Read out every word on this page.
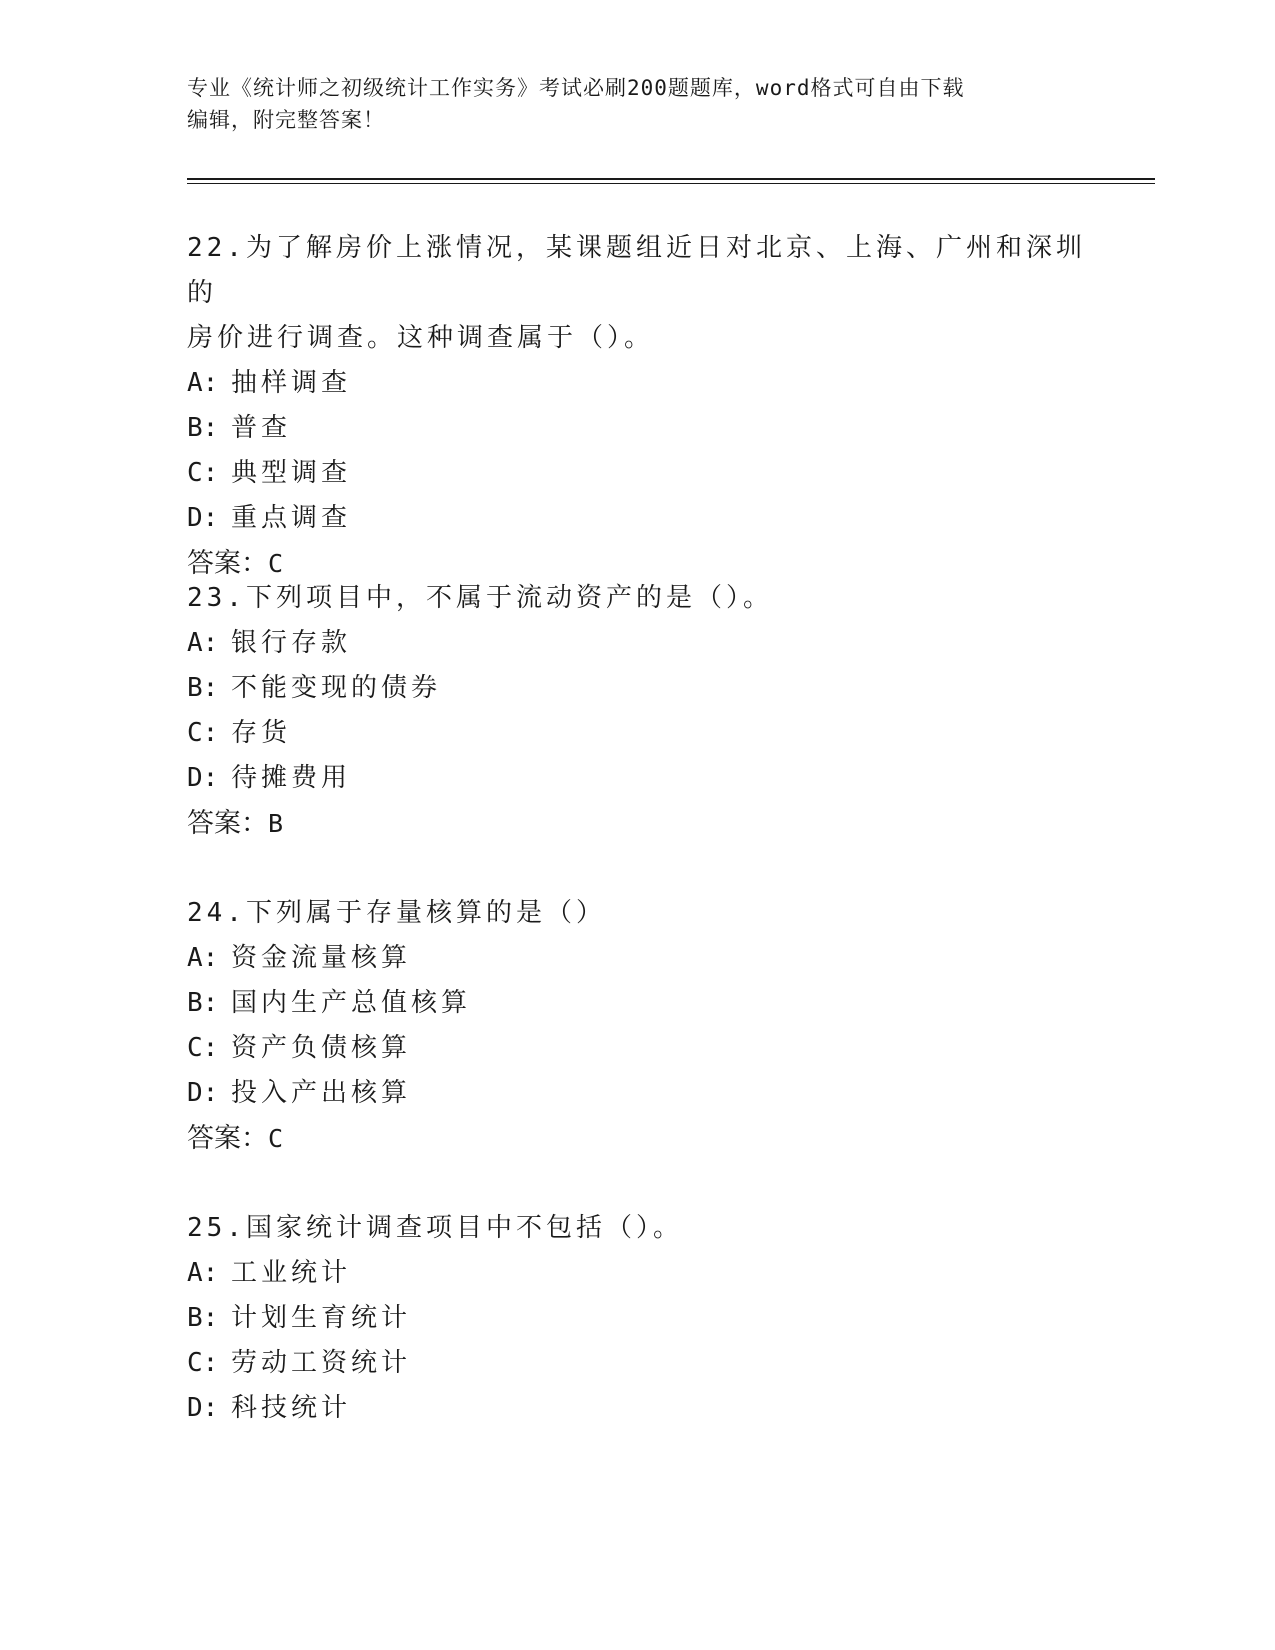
专业《统计师之初级统计工作实务》考试必刷200题题库，word格式可自由下载
编辑，附完整答案！
22.为了解房价上涨情况，某课题组近日对北京、上海、广州和深圳的
房价进行调查。这种调查属于（）。
A: 抽样调查
B: 普查
C: 典型调查
D: 重点调查
答案：C
23.下列项目中，不属于流动资产的是（）。
A: 银行存款
B: 不能变现的债券
C: 存货
D: 待摊费用
答案：B
24.下列属于存量核算的是（）
A: 资金流量核算
B: 国内生产总值核算
C: 资产负债核算
D: 投入产出核算
答案：C
25.国家统计调查项目中不包括（）。
A: 工业统计
B: 计划生育统计
C: 劳动工资统计
D: 科技统计
